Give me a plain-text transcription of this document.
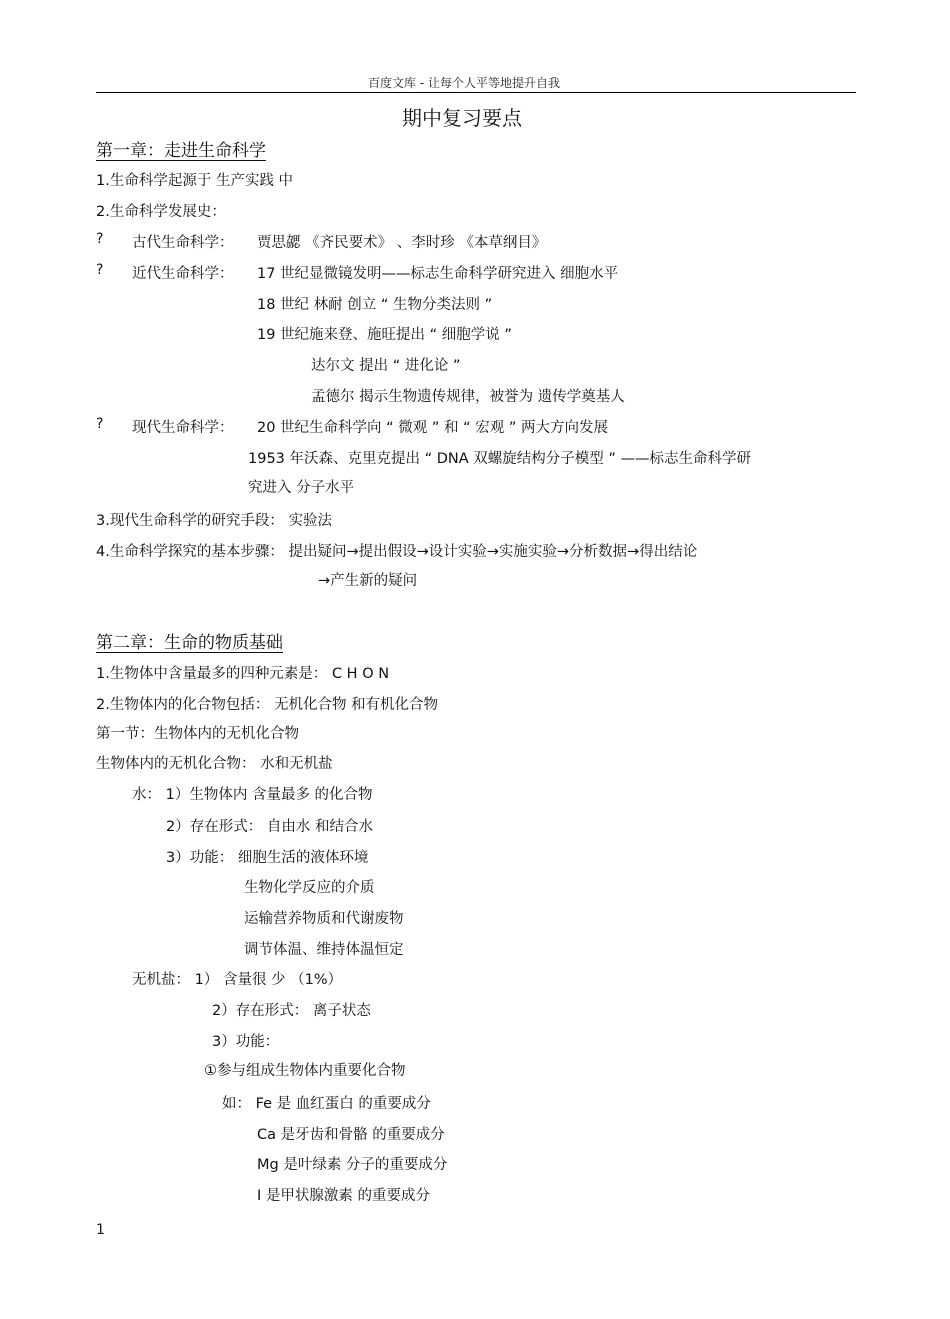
百度文库 - 让每个人平等地提升自我
期中复习要点
第一章：走进生命科学
1.生命科学起源于 生产实践 中
2.生命科学发展史：
? 古代生命科学： 贾思勰 《齐民要术》 、李时珍 《本草纲目》
? 近代生命科学： 17 世纪显微镜发明——标志生命科学研究进入 细胞水平
18 世纪 林耐 创立 “ 生物分类法则 ”
19 世纪施来登、施旺提出 “ 细胞学说 ”
达尔文 提出 “ 进化论 ”
孟德尔 揭示生物遗传规律，被誉为 遗传学奠基人
? 现代生命科学： 20 世纪生命科学向 “ 微观 ” 和 “ 宏观 ” 两大方向发展
1953 年沃森、克里克提出 “ DNA 双螺旋结构分子模型 ” ——标志生命科学研
究进入 分子水平
3.现代生命科学的研究手段： 实验法
4.生命科学探究的基本步骤： 提出疑问→提出假设→设计实验→实施实验→分析数据→得出结论
→产生新的疑问
第二章：生命的物质基础
1.生物体中含量最多的四种元素是： C H O N
2.生物体内的化合物包括： 无机化合物 和有机化合物
第一节：生物体内的无机化合物
生物体内的无机化合物： 水和无机盐
水： 1）生物体内 含量最多 的化合物
2）存在形式： 自由水 和结合水
3）功能： 细胞生活的液体环境
生物化学反应的介质
运输营养物质和代谢废物
调节体温、维持体温恒定
无机盐： 1） 含量很 少 （1%）
2）存在形式： 离子状态
3）功能：
①参与组成生物体内重要化合物
如： Fe 是 血红蛋白 的重要成分
Ca 是牙齿和骨骼 的重要成分
Mg 是叶绿素 分子的重要成分
I 是甲状腺激素 的重要成分
1
